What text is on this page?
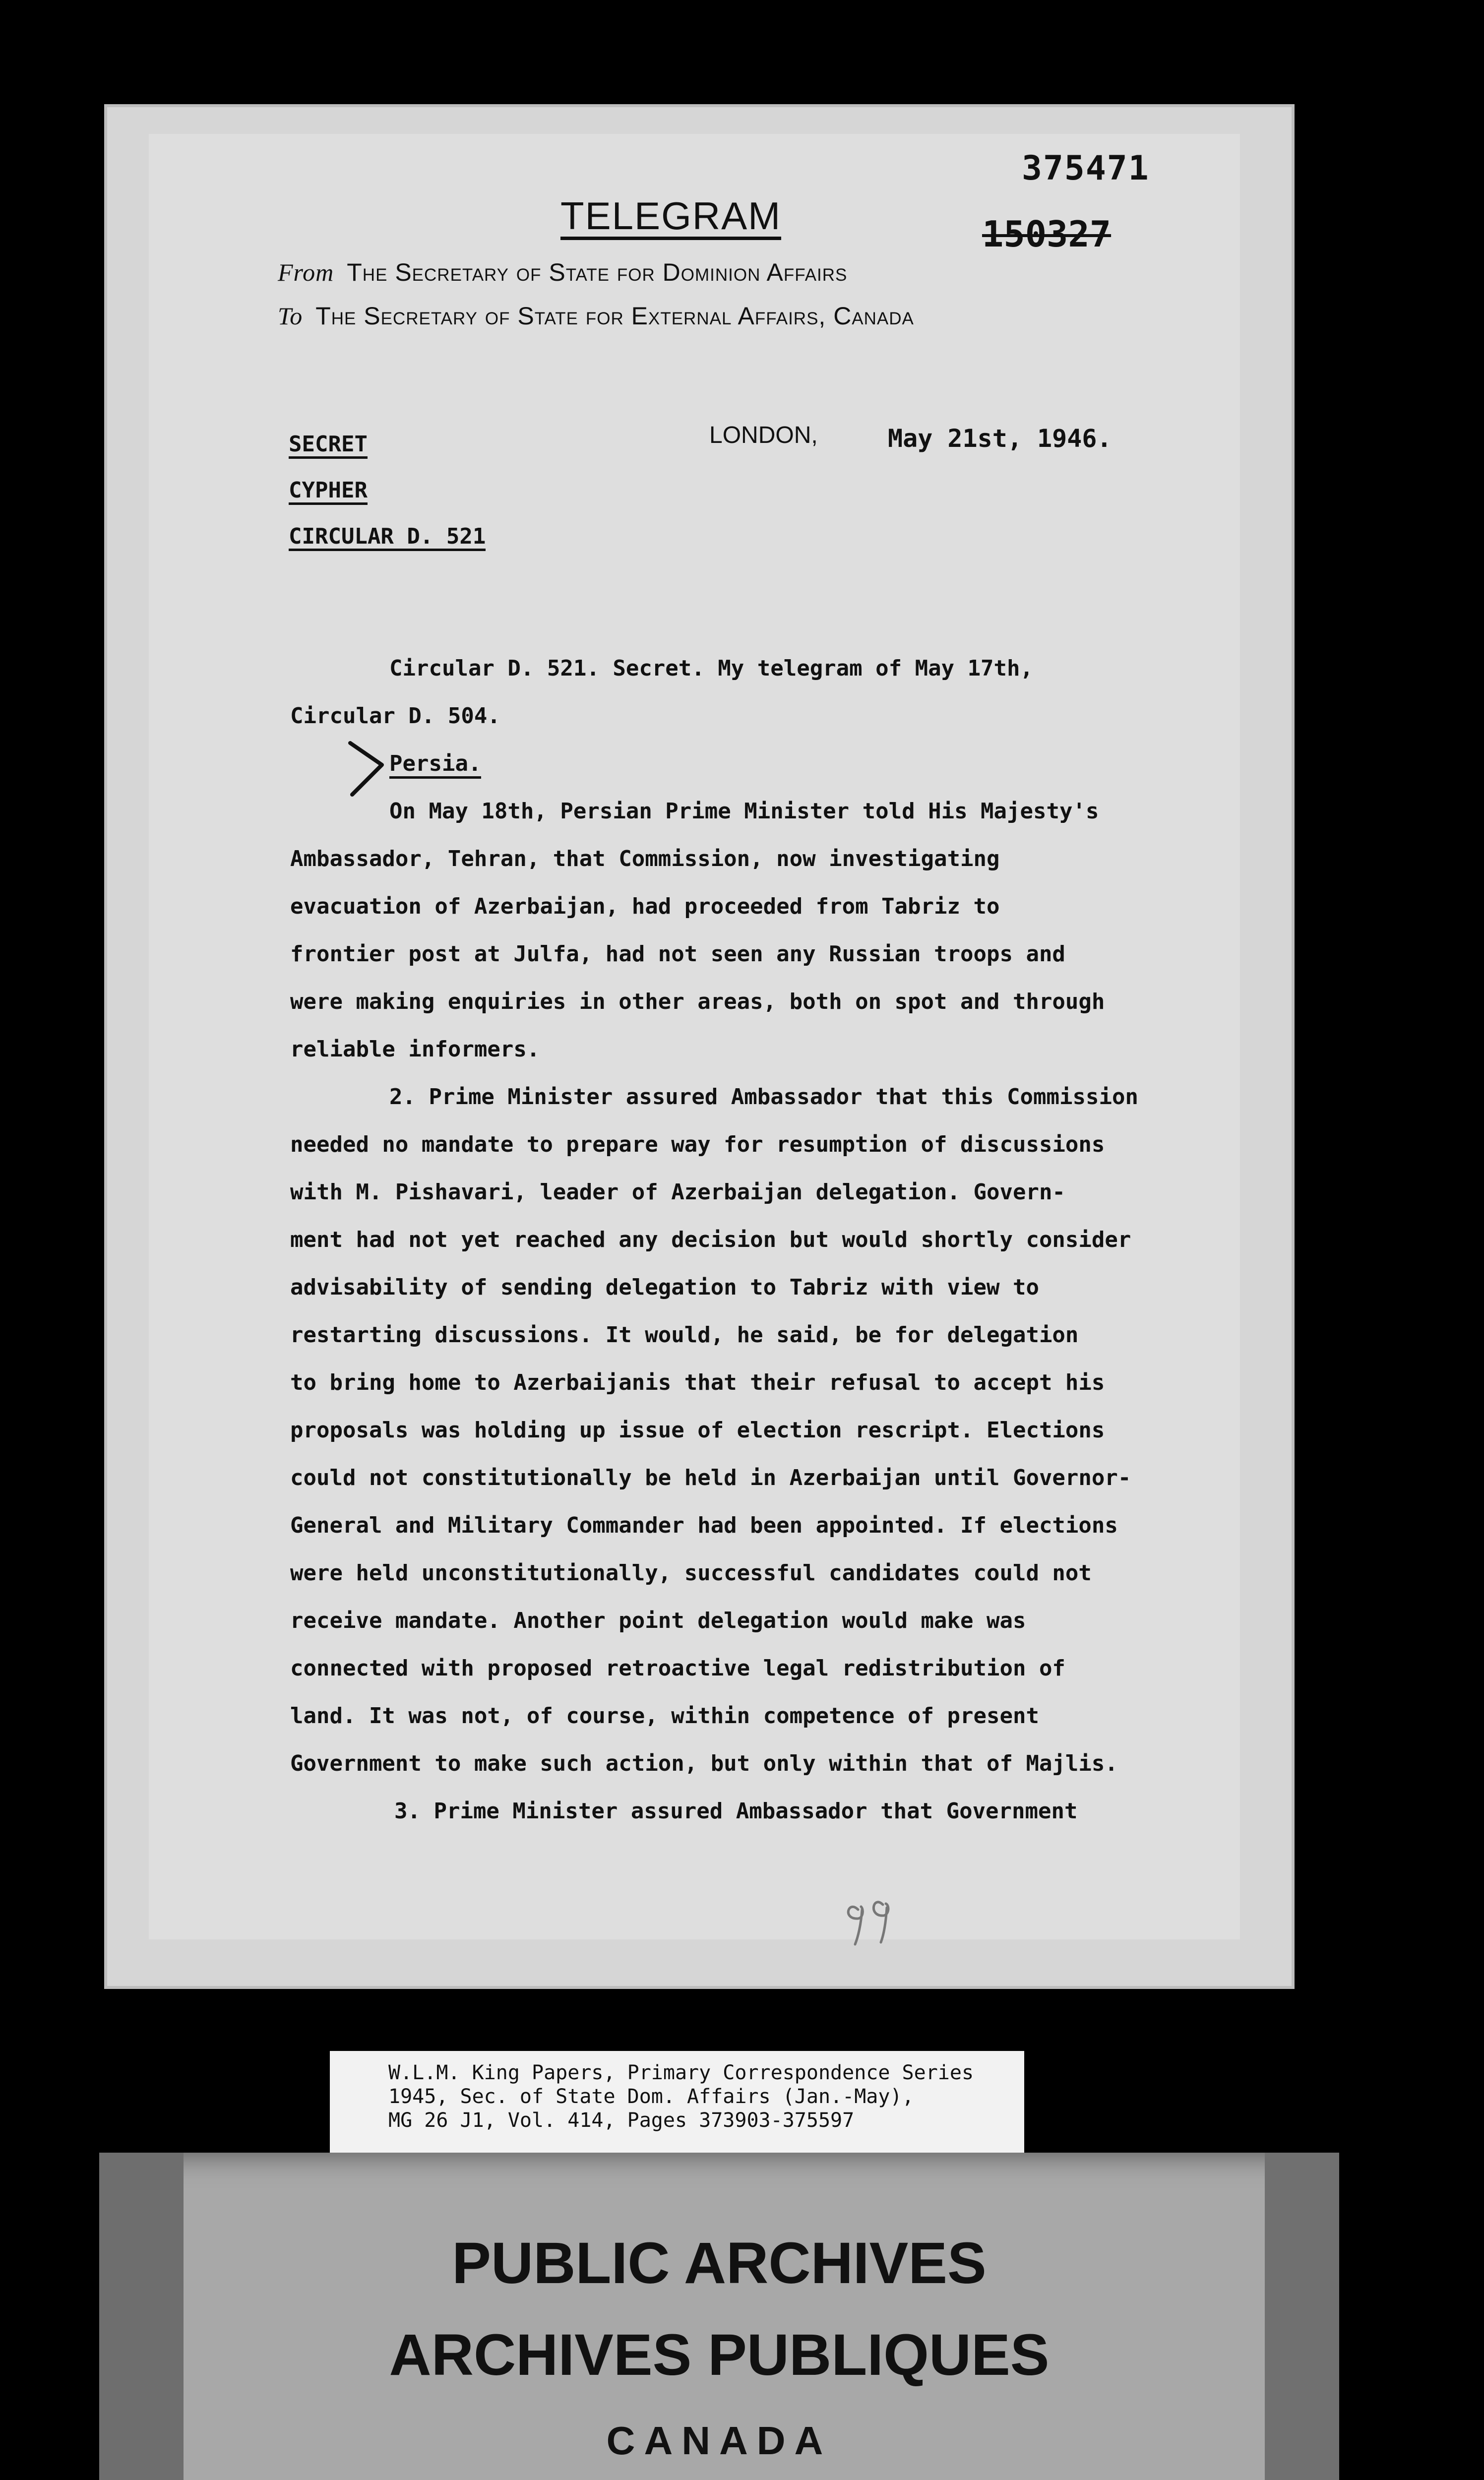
375471
150327
TELEGRAM
From The Secretary of State for Dominion Affairs
To The Secretary of State for External Affairs, Canada
LONDON,	May 21st, 1946.
SECRET
CYPHER
CIRCULAR D. 521
Circular D. 521. Secret. My telegram of May 17th,
Circular D. 504.
Persia.
On May 18th, Persian Prime Minister told His Majesty's
Ambassador, Tehran, that Commission, now investigating
evacuation of Azerbaijan, had proceeded from Tabriz to
frontier post at Julfa, had not seen any Russian troops and
were making enquiries in other areas, both on spot and through
reliable informers.
2. Prime Minister assured Ambassador that this Commission
needed no mandate to prepare way for resumption of discussions
with M. Pishavari, leader of Azerbaijan delegation. Govern-
ment had not yet reached any decision but would shortly consider
advisability of sending delegation to Tabriz with view to
restarting discussions. It would, he said, be for delegation
to bring home to Azerbaijanis that their refusal to accept his
proposals was holding up issue of election rescript. Elections
could not constitutionally be held in Azerbaijan until Governor-
General and Military Commander had been appointed. If elections
were held unconstitutionally, successful candidates could not
receive mandate. Another point delegation would make was
connected with proposed retroactive legal redistribution of
land. It was not, of course, within competence of present
Government to make such action, but only within that of Majlis.
3. Prime Minister assured Ambassador that Government
W.L.M. King Papers, Primary Correspondence Series
1945, Sec. of State Dom. Affairs (Jan.-May),
MG 26 J1, Vol. 414, Pages 373903-375597
PUBLIC ARCHIVES
ARCHIVES PUBLIQUES
CANADA
